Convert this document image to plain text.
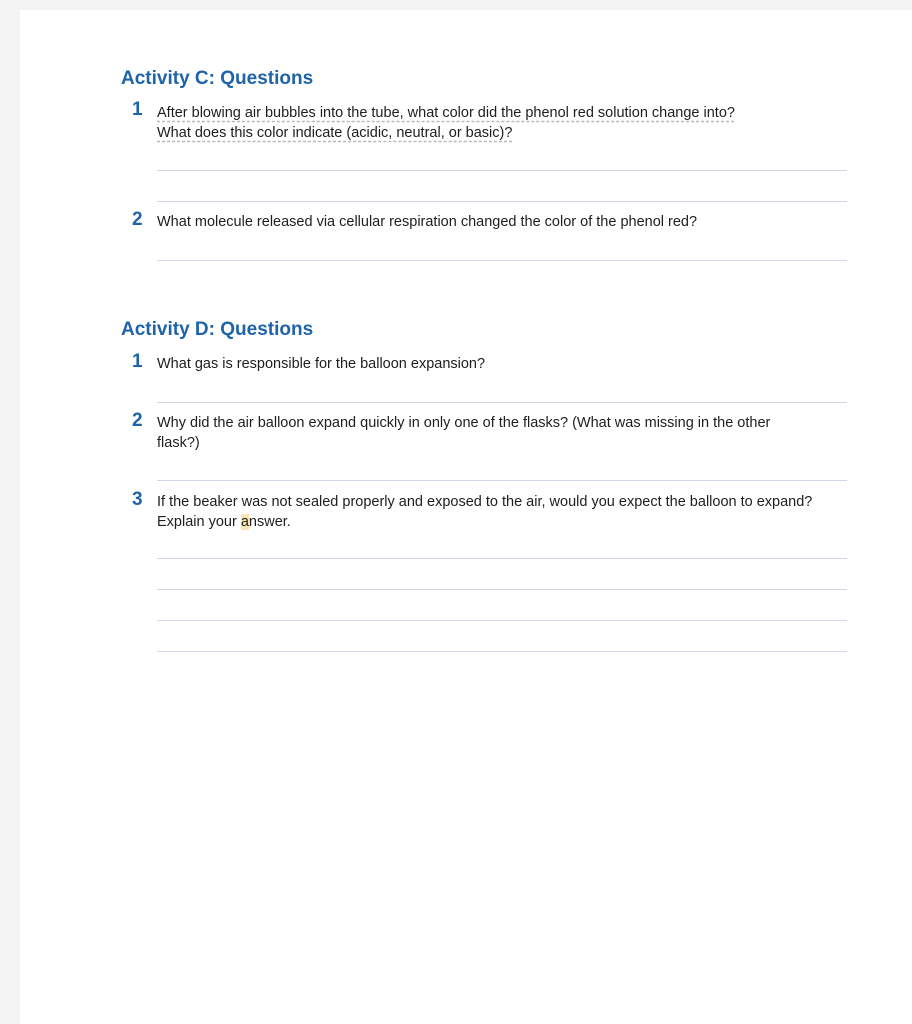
Activity C: Questions
1 After blowing air bubbles into the tube, what color did the phenol red solution change into?
What does this color indicate (acidic, neutral, or basic)?
2 What molecule released via cellular respiration changed the color of the phenol red?
Activity D: Questions
1 What gas is responsible for the balloon expansion?
2 Why did the air balloon expand quickly in only one of the flasks? (What was missing in the other flask?)
3 If the beaker was not sealed properly and exposed to the air, would you expect the balloon to expand? Explain your answer.
